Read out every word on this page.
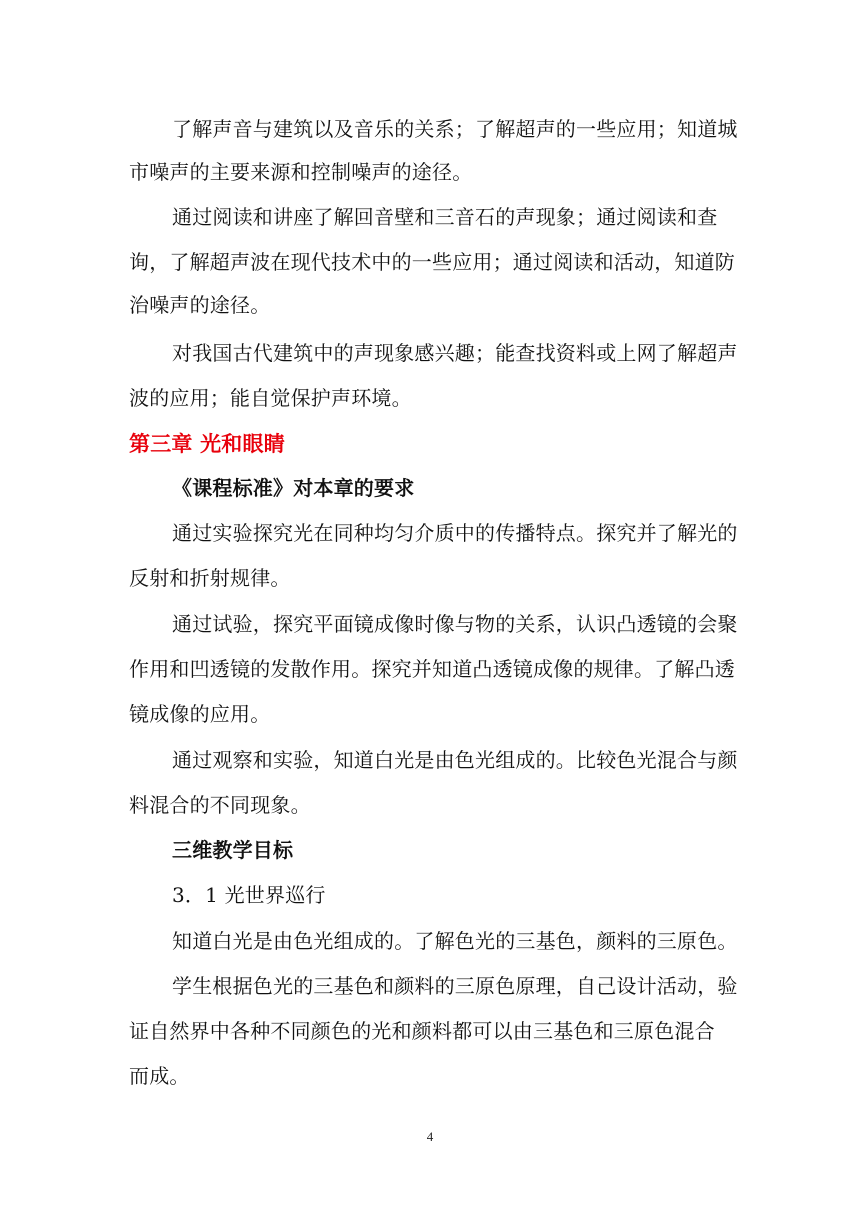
了解声音与建筑以及音乐的关系；了解超声的一些应用；知道城
市噪声的主要来源和控制噪声的途径。
通过阅读和讲座了解回音壁和三音石的声现象；通过阅读和查
询，了解超声波在现代技术中的一些应用；通过阅读和活动，知道防
治噪声的途径。
对我国古代建筑中的声现象感兴趣；能查找资料或上网了解超声
波的应用；能自觉保护声环境。
第三章 光和眼睛
《课程标准》对本章的要求
通过实验探究光在同种均匀介质中的传播特点。探究并了解光的
反射和折射规律。
通过试验，探究平面镜成像时像与物的关系，认识凸透镜的会聚
作用和凹透镜的发散作用。探究并知道凸透镜成像的规律。了解凸透
镜成像的应用。
通过观察和实验，知道白光是由色光组成的。比较色光混合与颜
料混合的不同现象。
三维教学目标
3．1 光世界巡行
知道白光是由色光组成的。了解色光的三基色，颜料的三原色。
学生根据色光的三基色和颜料的三原色原理，自己设计活动，验
证自然界中各种不同颜色的光和颜料都可以由三基色和三原色混合
而成。
4
